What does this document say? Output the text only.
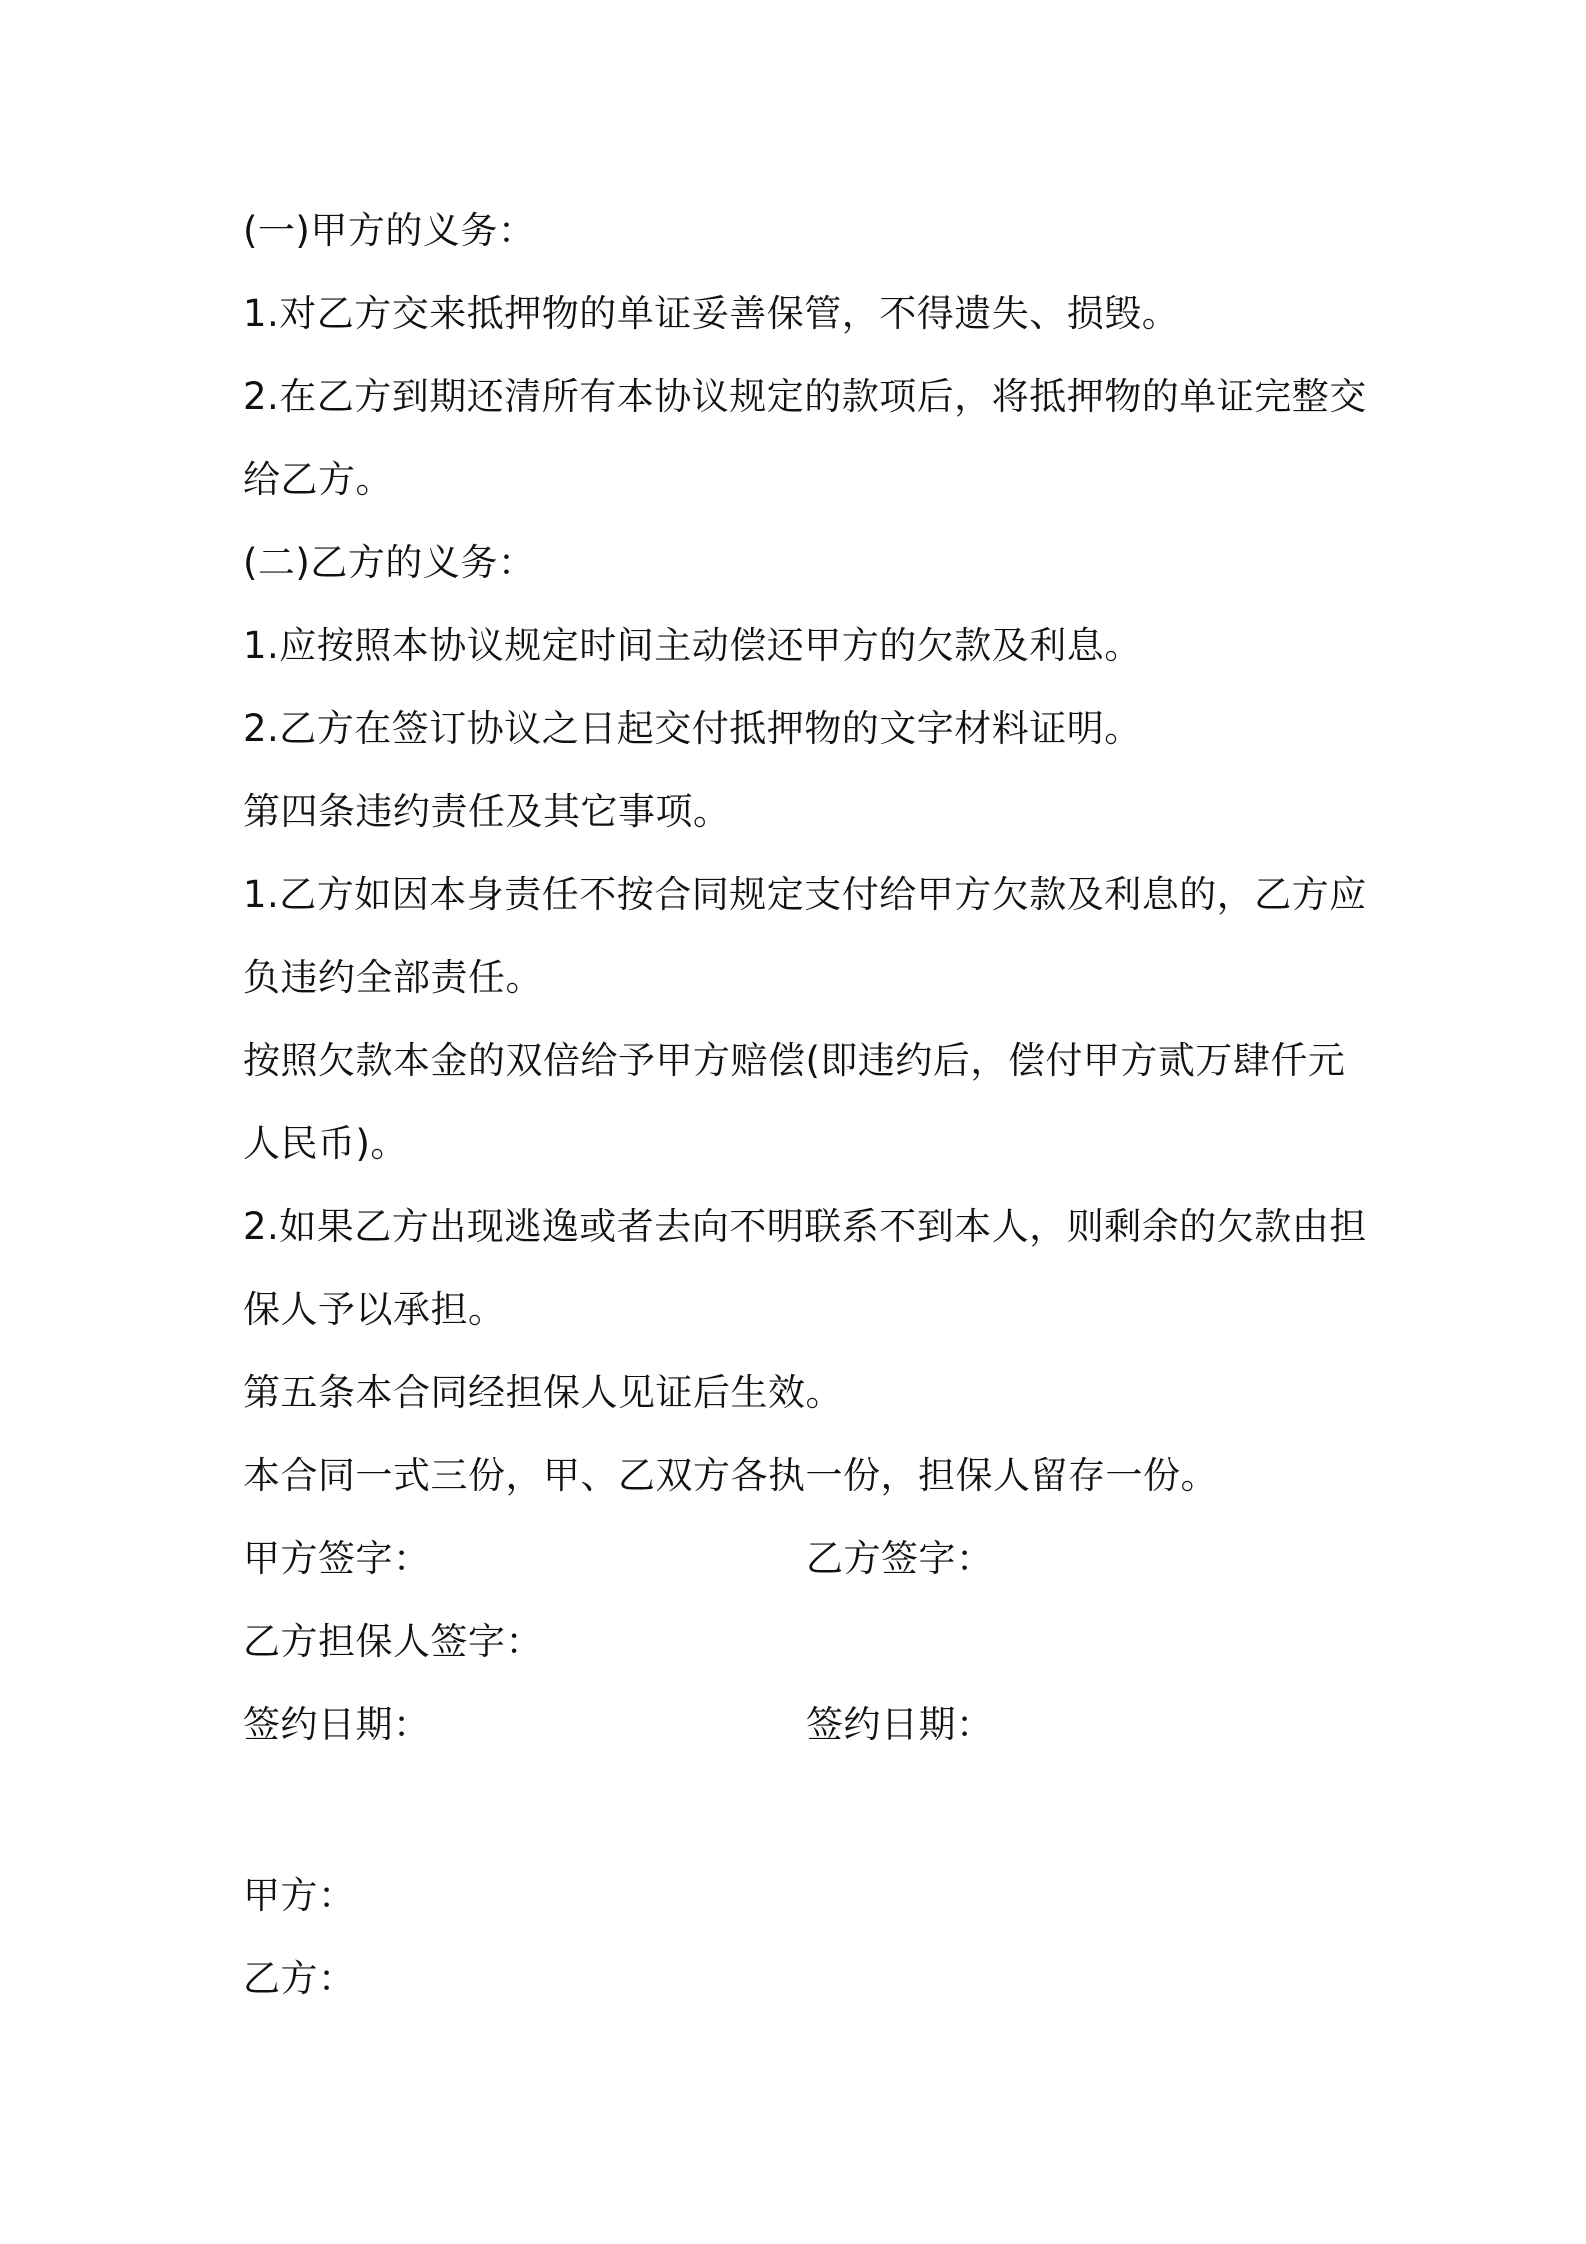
(一)甲方的义务：
1.对乙方交来抵押物的单证妥善保管，不得遗失、损毁。
2.在乙方到期还清所有本协议规定的款项后，将抵押物的单证完整交
给乙方。
(二)乙方的义务：
1.应按照本协议规定时间主动偿还甲方的欠款及利息。
2.乙方在签订协议之日起交付抵押物的文字材料证明。
第四条违约责任及其它事项。
1.乙方如因本身责任不按合同规定支付给甲方欠款及利息的，乙方应
负违约全部责任。
按照欠款本金的双倍给予甲方赔偿(即违约后，偿付甲方贰万肆仟元
人民币)。
2.如果乙方出现逃逸或者去向不明联系不到本人，则剩余的欠款由担
保人予以承担。
第五条本合同经担保人见证后生效。
本合同一式三份，甲、乙双方各执一份，担保人留存一份。
甲方签字：	乙方签字：
乙方担保人签字：
签约日期：	签约日期：
甲方：
乙方：
